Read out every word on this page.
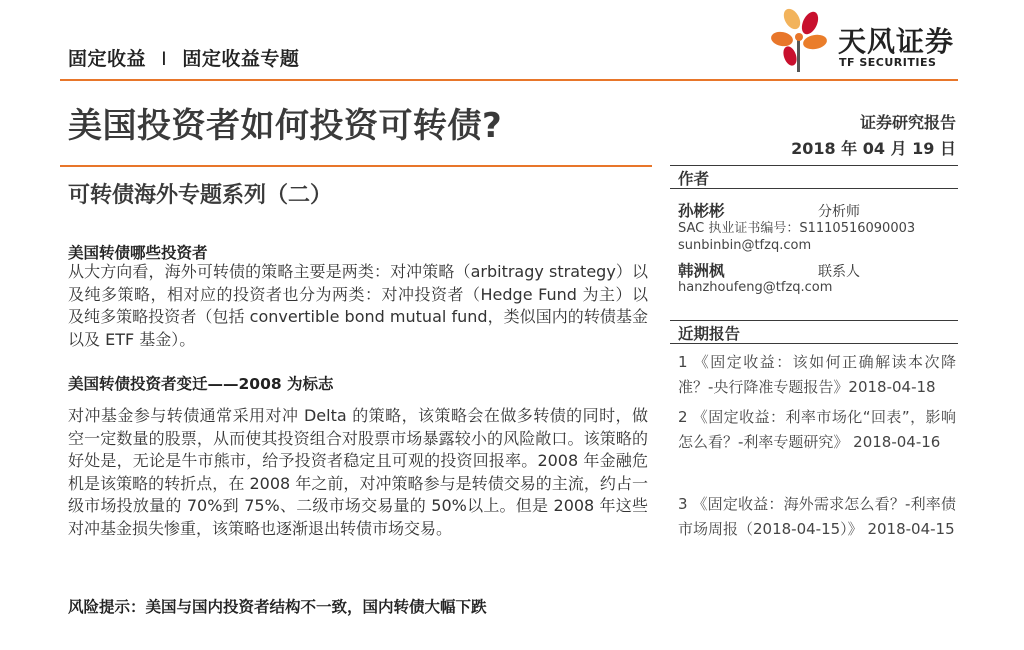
固定收益 I 固定收益专题
天风证券
TF SECURITIES
美国投资者如何投资可转债?	证券研究报告
2018 年 04 月 19 日
可转债海外专题系列（二）
美国转债哪些投资者

从大方向看，海外可转债的策略主要是两类：对冲策略（arbitragy strategy）以及纯多策略，相对应的投资者也分为两类：对冲投资者（Hedge Fund 为主）以及纯多策略投资者（包括 convertible bond mutual fund，类似国内的转债基金以及 ETF 基金）。

美国转债投资者变迁——2008 为标志

对冲基金参与转债通常采用对冲 Delta 的策略，该策略会在做多转债的同时，做空一定数量的股票，从而使其投资组合对股票市场暴露较小的风险敞口。该策略的好处是，无论是牛市熊市，给予投资者稳定且可观的投资回报率。2008 年金融危机是该策略的转折点，在 2008 年之前，对冲策略参与是转债交易的主流，约占一级市场投放量的 70%到 75%、二级市场交易量的 50%以上。但是 2008 年这些对冲基金损失惨重，该策略也逐渐退出转债市场交易。

风险提示：美国与国内投资者结构不一致，国内转债大幅下跌
作者
孙彬彬	分析师
SAC 执业证书编号：S1110516090003
sunbinbin@tfzq.com
韩洲枫	联系人
hanzhoufeng@tfzq.com
近期报告

1 《固定收益：该如何正确解读本次降准？-央行降准专题报告》2018-04-18

2 《固定收益：利率市场化“回表”，影响怎么看？-利率专题研究》 2018-04-16

3 《固定收益：海外需求怎么看？-利率债市场周报（2018-04-15）》 2018-04-15
